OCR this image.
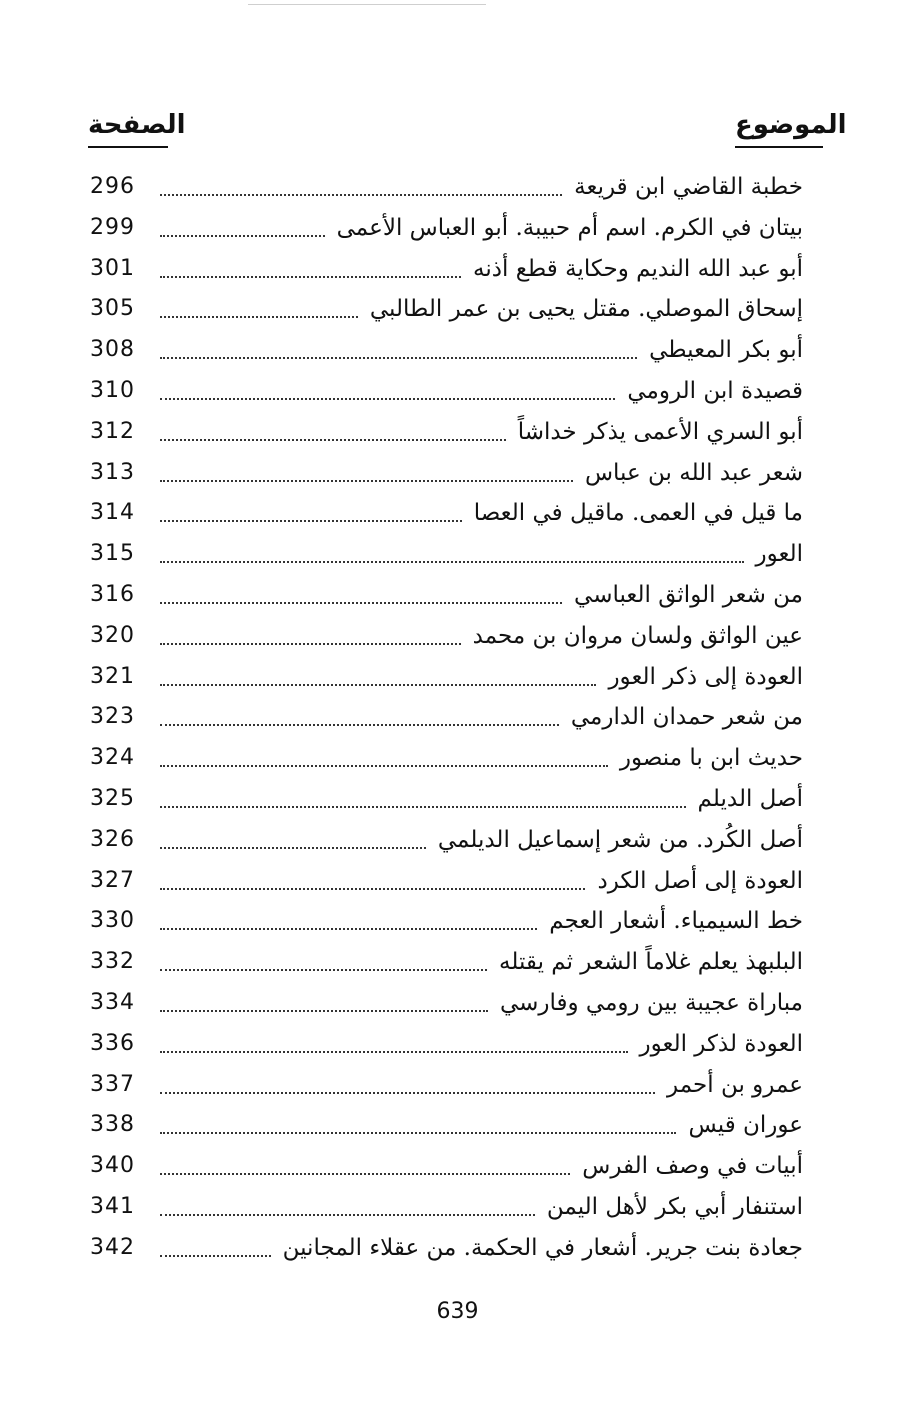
الصفحة	الموضوع
296	خطبة القاضي ابن قريعة
299	بيتان في الكرم. اسم أم حبيبة. أبو العباس الأعمى
301	أبو عبد الله النديم وحكاية قطع أذنه
305	إسحاق الموصلي. مقتل يحيى بن عمر الطالبي
308	أبو بكر المعيطي
310	قصيدة ابن الرومي
312	أبو السري الأعمى يذكر خداشاً
313	شعر عبد الله بن عباس
314	ما قيل في العمى. ماقيل في العصا
315	العور
316	من شعر الواثق العباسي
320	عين الواثق ولسان مروان بن محمد
321	العودة إلى ذكر العور
323	من شعر حمدان الدارمي
324	حديث ابن با منصور
325	أصل الديلم
326	أصل الكُرد. من شعر إسماعيل الديلمي
327	العودة إلى أصل الكرد
330	خط السيمياء. أشعار العجم
332	البلبهذ يعلم غلاماً الشعر ثم يقتله
334	مباراة عجيبة بين رومي وفارسي
336	العودة لذكر العور
337	عمرو بن أحمر
338	عوران قيس
340	أبيات في وصف الفرس
341	استنفار أبي بكر لأهل اليمن
342	جعادة بنت جرير. أشعار في الحكمة. من عقلاء المجانين
639
